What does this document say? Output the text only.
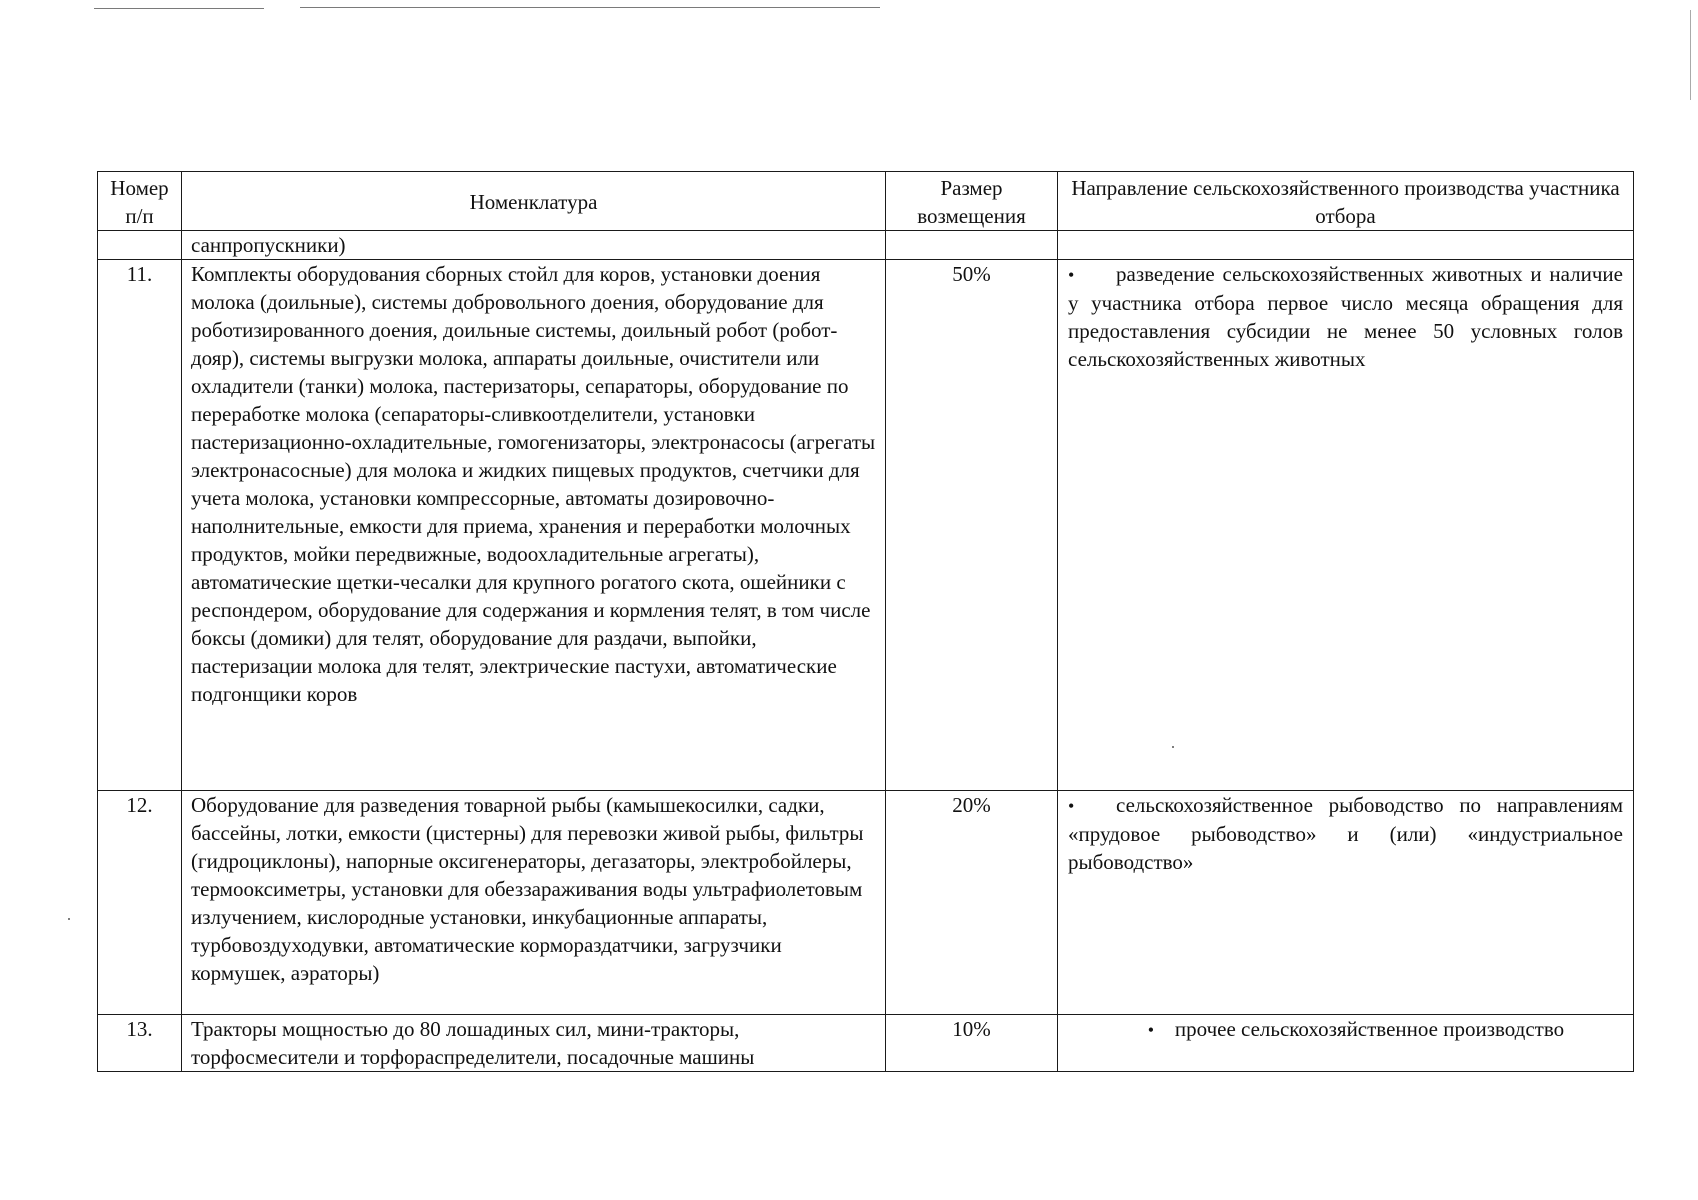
Номер п/п	Номенклатура	Размер возмещения	Направление сельскохозяйственного производства участника отбора
	санпропускники)		

11.	Комплекты оборудования сборных стойл для коров, установки доения молока (доильные), системы добровольного доения, оборудование для роботизированного доения, доильные системы, доильный робот (робот-дояр), системы выгрузки молока, аппараты доильные, очистители или охладители (танки) молока, пастеризаторы, сепараторы, оборудование по переработке молока (сепараторы-сливкоотделители, установки пастеризационно-охладительные, гомогенизаторы, электронасосы (агрегаты электронасосные) для молока и жидких пищевых продуктов, счетчики для учета молока, установки компрессорные, автоматы дозировочно-наполнительные, емкости для приема, хранения и переработки молочных продуктов, мойки передвижные, водоохладительные агрегаты), автоматические щетки-чесалки для крупного рогатого скота, ошейники с респондером, оборудование для содержания и кормления телят, в том числе боксы (домики) для телят, оборудование для раздачи, выпойки, пастеризации молока для телят, электрические пастухи, автоматические подгонщики коров	50%	• разведение сельскохозяйственных животных и наличие у участника отбора первое число месяца обращения для предоставления субсидии не менее 50 условных голов сельскохозяйственных животных

12.	Оборудование для разведения товарной рыбы (камышекосилки, садки, бассейны, лотки, емкости (цистерны) для перевозки живой рыбы, фильтры (гидроциклоны), напорные оксигенераторы, дегазаторы, электробойлеры, термооксиметры, установки для обеззараживания воды ультрафиолетовым излучением, кислородные установки, инкубационные аппараты, турбовоздуходувки, автоматические кормораздатчики, загрузчики кормушек, аэраторы)	20%	• сельскохозяйственное рыбоводство по направлениям «прудовое рыбоводство» и (или) «индустриальное рыбоводство»

13.	Тракторы мощностью до 80 лошадиных сил, мини-тракторы, торфосмесители и торфораспределители, посадочные машины	10%	• прочее сельскохозяйственное производство
